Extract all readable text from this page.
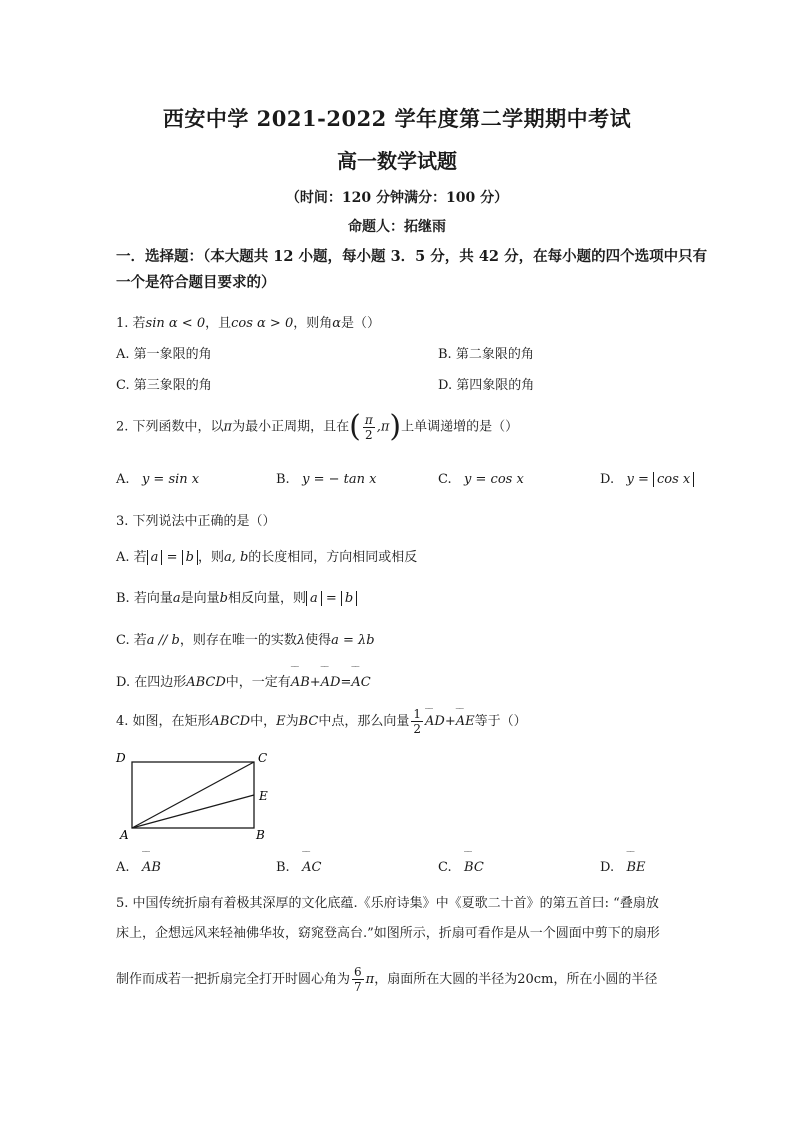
西安中学 2021-2022 学年度第二学期期中考试
高一数学试题
（时间：120 分钟满分：100 分）
命题人：拓继雨
一．选择题：（本大题共 12 小题，每小题 3．5 分，共 42 分，在每小题的四个选项中只有一个是符合题目要求的）
1. 若sin α < 0，且cos α > 0，则角α是（）
A. 第一象限的角	B. 第二象限的角
C. 第三象限的角	D. 第四象限的角
2. 下列函数中，以π为最小正周期，且在( $\frac{\pi}{2} ,\pi$)上单调递增的是（）
A. y = sin x	B. y = − tan x	C. y = cos x	D. y = cos x
3. 下列说法中正确的是（）
A. 若 a = b ，则a, b的长度相同，方向相同或相反
B. 若向量a是向量b相反向量，则 a = b
C. 若a // b，则存在唯一的实数λ使得a = λb
D. 在四边形ABCD中，一定有‾‾ AB+‾‾ AD=‾‾ AC
4. 如图，在矩形ABCD中，E为BC中点，那么向量 $\frac{1}{2}$ ‾‾ AD+‾‾ AE等于（）
D	C
E
A	B
A. ‾‾ AB	B. ‾‾ AC	C. ‾‾ BC	D. ‾‾ BE
5. 中国传统折扇有着极其深厚的文化底蕴.《乐府诗集》中《夏歌二十首》的第五首曰: “叠扇放
床上，企想远风来轻袖佛华妆，窈窕登高台.”如图所示，折扇可看作是从一个圆面中剪下的扇形
制作而成若一把折扇完全打开时圆心角为 $\frac{6}{7}$ π，扇面所在大圆的半径为20cm，所在小圆的半径
